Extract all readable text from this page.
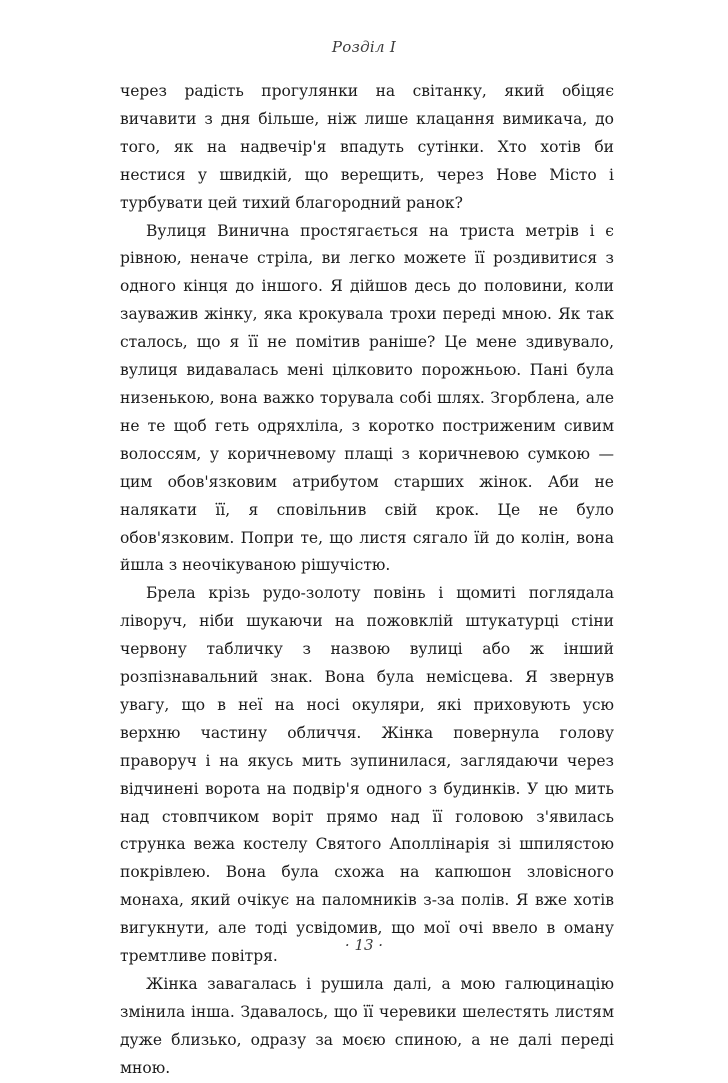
Розділ I

через радість прогулянки на світанку, який обіцяє вичавити з дня більше, ніж лише клацання вимикача, до того, як на надвечір'я впадуть сутінки. Хто хотів би нестися у швидкій, що верещить, через Нове Місто і турбувати цей тихий благородний ранок?

Вулиця Винична простягається на триста метрів і є рівною, неначе стріла, ви легко можете її роздивитися з одного кінця до іншого. Я дійшов десь до половини, коли зауважив жінку, яка крокувала трохи переді мною. Як так сталось, що я її не помітив раніше? Це мене здивувало, вулиця видавалась мені цілковито порожньою. Пані була низенькою, вона важко торувала собі шлях. Згорблена, але не те щоб геть одряхліла, з коротко постриженим сивим волоссям, у коричневому плащі з коричневою сумкою — цим обов'язковим атрибутом старших жінок. Аби не налякати її, я сповільнив свій крок. Це не було обов'язковим. Попри те, що листя сягало їй до колін, вона йшла з неочікуваною рішучістю.

Брела крізь рудо-золоту повінь і щомиті поглядала ліворуч, ніби шукаючи на пожовклій штукатурці стіни червону табличку з назвою вулиці або ж інший розпізнавальний знак. Вона була немісцева. Я звернув увагу, що в неї на носі окуляри, які приховують усю верхню частину обличчя. Жінка повернула голову праворуч і на якусь мить зупинилася, заглядаючи через відчинені ворота на подвір'я одного з будинків. У цю мить над стовпчиком воріт прямо над її головою з'явилась струнка вежа костелу Святого Аполлінарія зі шпилястою покрівлею. Вона була схожа на капюшон зловісного монаха, який очікує на паломників з-за полів. Я вже хотів вигукнути, але тоді усвідомив, що мої очі ввело в оману тремтливе повітря.

Жінка завагалась і рушила далі, а мою галюцинацію змінила інша. Здавалось, що її черевики шелестять листям дуже близько, одразу за моєю спиною, а не далі переді мною.

· 13 ·
